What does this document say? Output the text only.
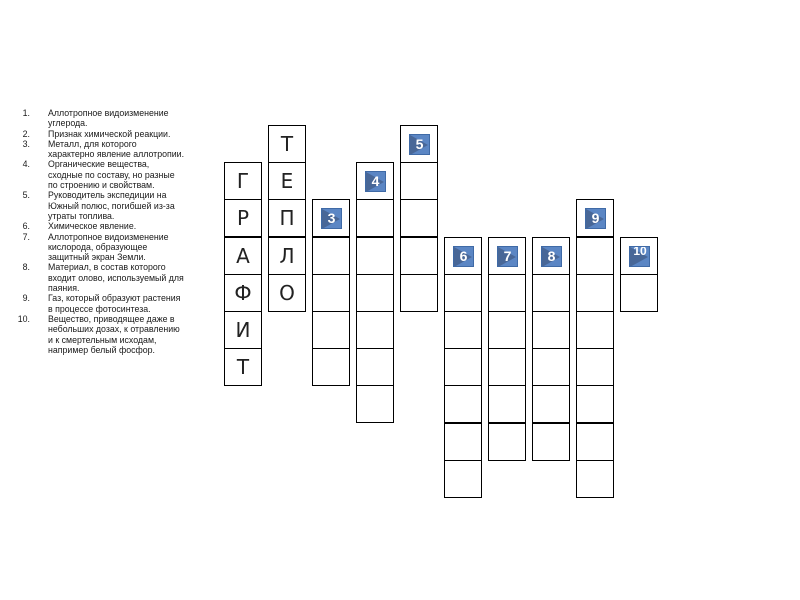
1. Аллотропное видоизменение углерода.
2. Признак химической реакции.
3. Металл, для которого характерно явление аллотропии.
4. Органические вещества, сходные по составу, но разные по строению и свойствам.
5. Руководитель экспедиции на Южный полюс, погибшей из-за утраты топлива.
6. Химическое явление.
7. Аллотропное видоизменение кислорода, образующее защитный экран Земли.
8. Материал, в состав которого входит олово, используемый для паяния.
9. Газ, который образуют растения в процессе фотосинтеза.
10. Вещество, приводящее даже в небольших дозах, к отравлению и к смертельным исходам, например белый фосфор.
Г
Р
А
Ф
И
Т
Т
Е
П
Л
О
3
4
5
6	7	8
9
10
